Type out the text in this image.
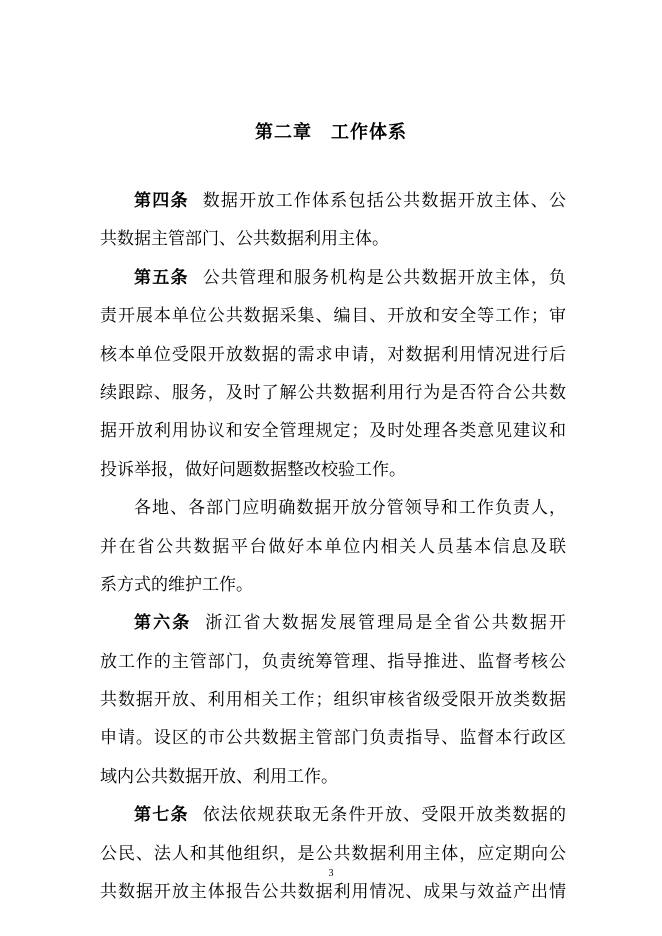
第二章　工作体系
第四条 数据开放工作体系包括公共数据开放主体、公
共数据主管部门、公共数据利用主体。
第五条 公共管理和服务机构是公共数据开放主体，负
责开展本单位公共数据采集、编目、开放和安全等工作；审
核本单位受限开放数据的需求申请，对数据利用情况进行后
续跟踪、服务，及时了解公共数据利用行为是否符合公共数
据开放利用协议和安全管理规定；及时处理各类意见建议和
投诉举报，做好问题数据整改校验工作。
各地、各部门应明确数据开放分管领导和工作负责人，
并在省公共数据平台做好本单位内相关人员基本信息及联
系方式的维护工作。
第六条 浙江省大数据发展管理局是全省公共数据开
放工作的主管部门，负责统筹管理、指导推进、监督考核公
共数据开放、利用相关工作；组织审核省级受限开放类数据
申请。设区的市公共数据主管部门负责指导、监督本行政区
域内公共数据开放、利用工作。
第七条 依法依规获取无条件开放、受限开放类数据的
公民、法人和其他组织，是公共数据利用主体，应定期向公
共数据开放主体报告公共数据利用情况、成果与效益产出情
3
